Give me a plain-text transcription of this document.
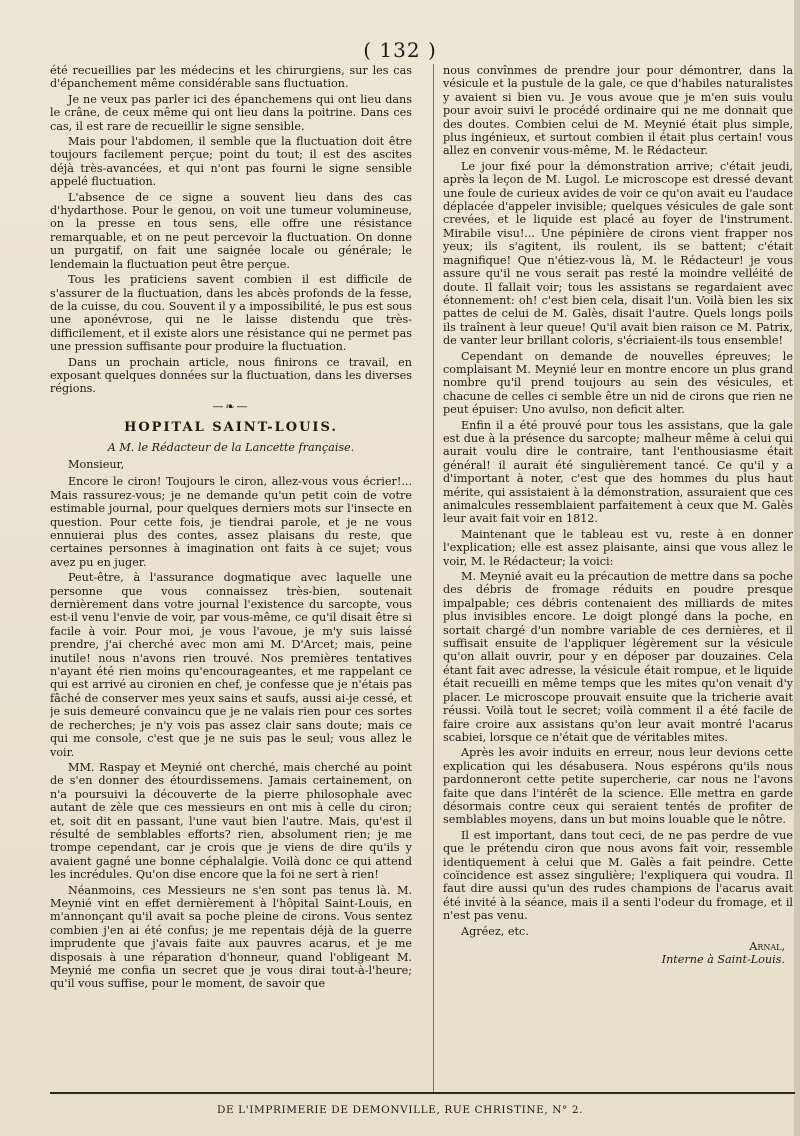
( 132 )

été recueillies par les médecins et les chirurgiens, sur les cas d'épanchement même considérable sans fluctuation.

Je ne veux pas parler ici des épanchemens qui ont lieu dans le crâne, de ceux même qui ont lieu dans la poitrine. Dans ces cas, il est rare de recueillir le signe sensible.

Mais pour l'abdomen, il semble que la fluctuation doit être toujours facilement perçue; point du tout; il est des ascites déjà très-avancées, et qui n'ont pas fourni le signe sensible appelé fluctuation.

L'absence de ce signe a souvent lieu dans des cas d'hydarthose. Pour le genou, on voit une tumeur volumineuse, on la presse en tous sens, elle offre une résistance remarquable, et on ne peut percevoir la fluctuation. On donne un purgatif, on fait une saignée locale ou générale; le lendemain la fluctuation peut être perçue.

Tous les praticiens savent combien il est difficile de s'assurer de la fluctuation, dans les abcès profonds de la fesse, de la cuisse, du cou. Souvent il y a impossibilité, le pus est sous une aponévrose, qui ne le laisse distendu que très-difficilement, et il existe alors une résistance qui ne permet pas une pression suffisante pour produire la fluctuation.

Dans un prochain article, nous finirons ce travail, en exposant quelques données sur la fluctuation, dans les diverses régions.

—❧—
HOPITAL SAINT-LOUIS.
A M. le Rédacteur de la Lancette française.
Monsieur,

Encore le ciron! Toujours le ciron, allez-vous vous écrier!... Mais rassurez-vous; je ne demande qu'un petit coin de votre estimable journal, pour quelques derniers mots sur l'insecte en question. Pour cette fois, je tiendrai parole, et je ne vous ennuierai plus des contes, assez plaisans du reste, que certaines personnes à imagination ont faits à ce sujet; vous avez pu en juger.

Peut-être, à l'assurance dogmatique avec laquelle une personne que vous connaissez très-bien, soutenait dernièrement dans votre journal l'existence du sarcopte, vous est-il venu l'envie de voir, par vous-même, ce qu'il disait être si facile à voir. Pour moi, je vous l'avoue, je m'y suis laissé prendre, j'ai cherché avec mon ami M. D'Arcet; mais, peine inutile! nous n'avons rien trouvé. Nos premières tentatives n'ayant été rien moins qu'encourageantes, et me rappelant ce qui est arrivé au cironien en chef, je confesse que je n'étais pas fâché de conserver mes yeux sains et saufs, aussi ai-je cessé, et je suis demeuré convaincu que je ne valais rien pour ces sortes de recherches; je n'y vois pas assez clair sans doute; mais ce qui me console, c'est que je ne suis pas le seul; vous allez le voir.

MM. Raspay et Meynié ont cherché, mais cherché au point de s'en donner des étourdissemens. Jamais certainement, on n'a poursuivi la découverte de la pierre philosophale avec autant de zèle que ces messieurs en ont mis à celle du ciron; et, soit dit en passant, l'une vaut bien l'autre. Mais, qu'est il résulté de semblables efforts? rien, absolument rien; je me trompe cependant, car je crois que je viens de dire qu'ils y avaient gagné une bonne céphalalgie. Voilà donc ce qui attend les incrédules. Qu'on dise encore que la foi ne sert à rien!

Néanmoins, ces Messieurs ne s'en sont pas tenus là. M. Meynié vint en effet dernièrement à l'hôpital Saint-Louis, en m'annonçant qu'il avait sa poche pleine de cirons. Vous sentez combien j'en ai été confus; je me repentais déjà de la guerre imprudente que j'avais faite aux pauvres acarus, et je me disposais à une réparation d'honneur, quand l'obligeant M. Meynié me confia un secret que je vous dirai tout-à-l'heure; qu'il vous suffise, pour le moment, de savoir que

nous convînmes de prendre jour pour démontrer, dans la vésicule et la pustule de la gale, ce que d'habiles naturalistes y avaient si bien vu. Je vous avoue que je m'en suis voulu pour avoir suivi le procédé ordinaire qui ne me donnait que des doutes. Combien celui de M. Meynié était plus simple, plus ingénieux, et surtout combien il était plus certain! vous allez en convenir vous-même, M. le Rédacteur.

Le jour fixé pour la démonstration arrive; c'était jeudi, après la leçon de M. Lugol. Le microscope est dressé devant une foule de curieux avides de voir ce qu'on avait eu l'audace déplacée d'appeler invisible; quelques vésicules de gale sont crevées, et le liquide est placé au foyer de l'instrument. Mirabile visu!... Une pépinière de cirons vient frapper nos yeux; ils s'agitent, ils roulent, ils se battent; c'était magnifique! Que n'étiez-vous là, M. le Rédacteur! je vous assure qu'il ne vous serait pas resté la moindre velléité de doute. Il fallait voir; tous les assistans se regardaient avec étonnement: oh! c'est bien cela, disait l'un. Voilà bien les six pattes de celui de M. Galès, disait l'autre. Quels longs poils ils traînent à leur queue! Qu'il avait bien raison ce M. Patrix, de vanter leur brillant coloris, s'écriaient-ils tous ensemble!

Cependant on demande de nouvelles épreuves; le complaisant M. Meynié leur en montre encore un plus grand nombre qu'il prend toujours au sein des vésicules, et chacune de celles ci semble être un nid de cirons que rien ne peut épuiser: Uno avulso, non deficit alter.

Enfin il a été prouvé pour tous les assistans, que la gale est due à la présence du sarcopte; malheur même à celui qui aurait voulu dire le contraire, tant l'enthousiasme était général! il aurait été singulièrement tancé. Ce qu'il y a d'important à noter, c'est que des hommes du plus haut mérite, qui assistaient à la démonstration, assuraient que ces animalcules ressemblaient parfaitement à ceux que M. Galès leur avait fait voir en 1812.

Maintenant que le tableau est vu, reste à en donner l'explication; elle est assez plaisante, ainsi que vous allez le voir, M. le Rédacteur; la voici:

M. Meynié avait eu la précaution de mettre dans sa poche des débris de fromage réduits en poudre presque impalpable; ces débris contenaient des milliards de mites plus invisibles encore. Le doigt plongé dans la poche, en sortait chargé d'un nombre variable de ces dernières, et il suffisait ensuite de l'appliquer légèrement sur la vésicule qu'on allait ouvrir, pour y en déposer par douzaines. Cela étant fait avec adresse, la vésicule était rompue, et le liquide était recueilli en même temps que les mites qu'on venait d'y placer. Le microscope prouvait ensuite que la tricherie avait réussi. Voilà tout le secret; voilà comment il a été facile de faire croire aux assistans qu'on leur avait montré l'acarus scabiei, lorsque ce n'était que de véritables mites.

Après les avoir induits en erreur, nous leur devions cette explication qui les désabusera. Nous espérons qu'ils nous pardonneront cette petite supercherie, car nous ne l'avons faite que dans l'intérêt de la science. Elle mettra en garde désormais contre ceux qui seraient tentés de profiter de semblables moyens, dans un but moins louable que le nôtre.

Il est important, dans tout ceci, de ne pas perdre de vue que le prétendu ciron que nous avons fait voir, ressemble identiquement à celui que M. Galès a fait peindre. Cette coïncidence est assez singulière; l'expliquera qui voudra. Il faut dire aussi qu'un des rudes champions de l'acarus avait été invité à la séance, mais il a senti l'odeur du fromage, et il n'est pas venu.

Agréez, etc.

Arnal,
Interne à Saint-Louis.
DE L'IMPRIMERIE DE DEMONVILLE, RUE CHRISTINE, N° 2.
